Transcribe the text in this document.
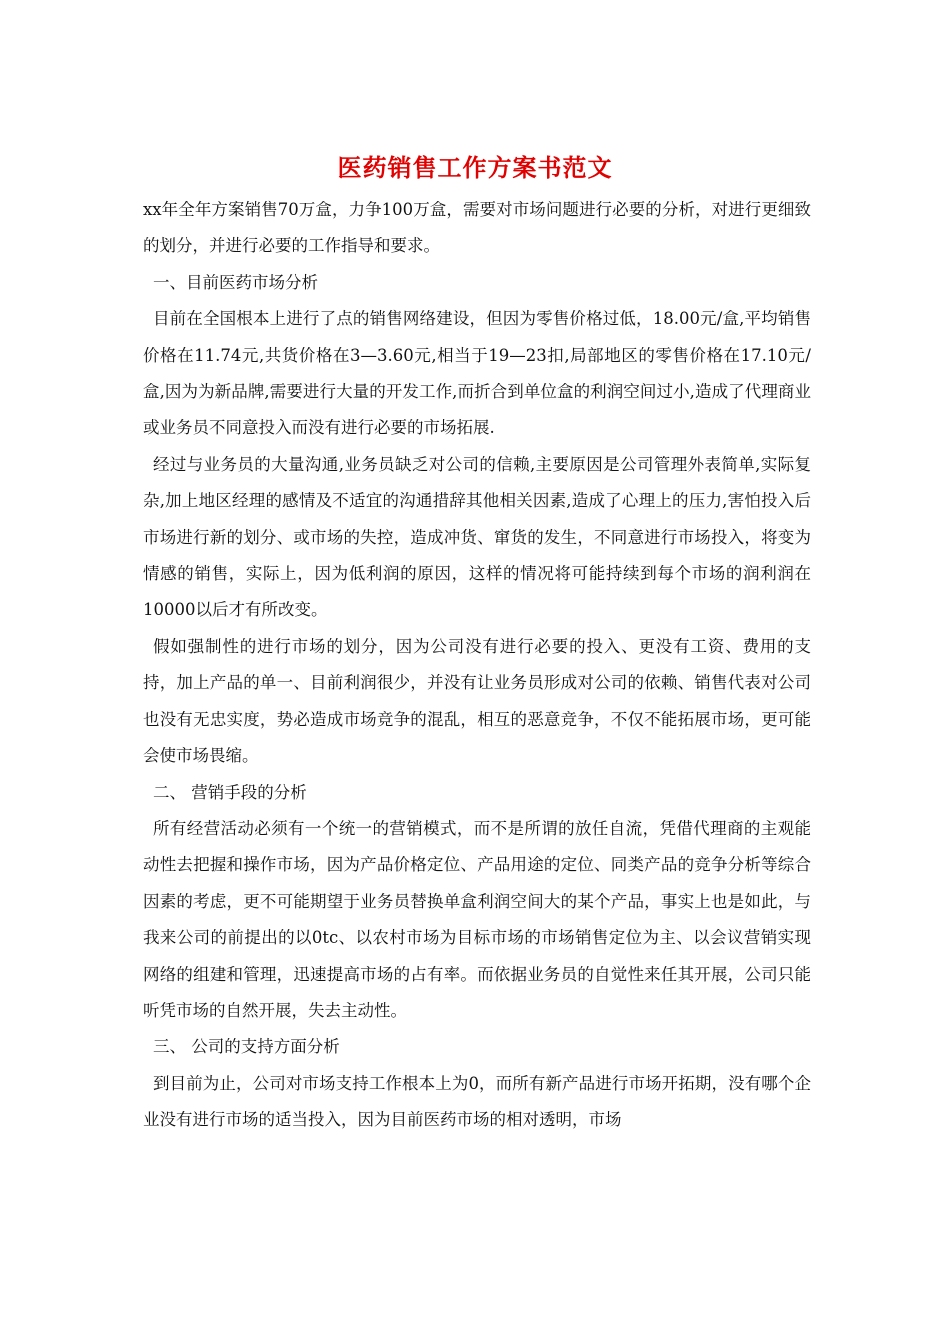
医药销售工作方案书范文

xx年全年方案销售70万盒，力争100万盒，需要对市场问题进行必要的分析，对进行更细致的划分，并进行必要的工作指导和要求。

一、目前医药市场分析

目前在全国根本上进行了点的销售网络建设，但因为零售价格过低，18.00元/盒,平均销售价格在11.74元,共货价格在3—3.60元,相当于19—23扣,局部地区的零售价格在17.10元/盒,因为为新品牌,需要进行大量的开发工作,而折合到单位盒的利润空间过小,造成了代理商业或业务员不同意投入而没有进行必要的市场拓展.

经过与业务员的大量沟通,业务员缺乏对公司的信赖,主要原因是公司管理外表简单,实际复杂,加上地区经理的感情及不适宜的沟通措辞其他相关因素,造成了心理上的压力,害怕投入后市场进行新的划分、或市场的失控，造成冲货、窜货的发生，不同意进行市场投入，将变为情感的销售，实际上，因为低利润的原因，这样的情况将可能持续到每个市场的润利润在10000以后才有所改变。

假如强制性的进行市场的划分，因为公司没有进行必要的投入、更没有工资、费用的支持，加上产品的单一、目前利润很少，并没有让业务员形成对公司的依赖、销售代表对公司也没有无忠实度，势必造成市场竞争的混乱，相互的恶意竞争，不仅不能拓展市场，更可能会使市场畏缩。

二、 营销手段的分析

所有经营活动必须有一个统一的营销模式，而不是所谓的放任自流，凭借代理商的主观能动性去把握和操作市场，因为产品价格定位、产品用途的定位、同类产品的竞争分析等综合因素的考虑，更不可能期望于业务员替换单盒利润空间大的某个产品，事实上也是如此，与我来公司的前提出的以0tc、以农村市场为目标市场的市场销售定位为主、以会议营销实现网络的组建和管理，迅速提高市场的占有率。而依据业务员的自觉性来任其开展，公司只能听凭市场的自然开展，失去主动性。

三、 公司的支持方面分析

到目前为止，公司对市场支持工作根本上为0，而所有新产品进行市场开拓期，没有哪个企业没有进行市场的适当投入，因为目前医药市场的相对透明，市场
